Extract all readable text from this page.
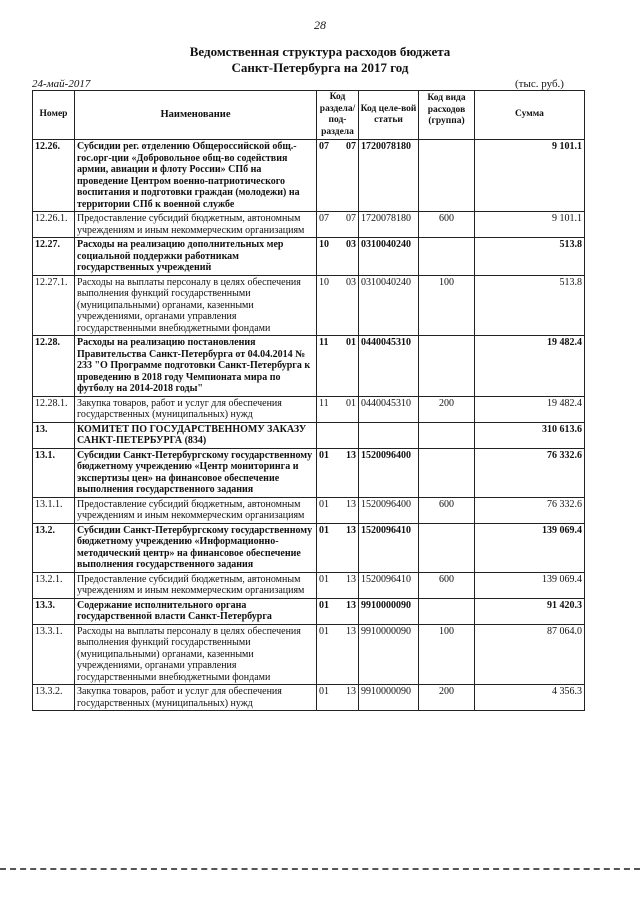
28
Ведомственная структура расходов бюджета
Санкт-Петербурга на 2017 год
24-май-2017	(тыс. руб.)
Номер	Наименование	Код раздела/ под-раздела	Код целе-вой статьи	Код вида расходов (группа)	Сумма
12.26.	Субсидии рег. отделению Общероссийской общ.-гос.орг-ции «Добровольное общ-во содействия армии, авиации и флоту России» СПб на проведение Центром военно-патриотического воспитания и подготовки граждан (молодежи) на территории СПб к военной службе	07 07	1720078180		9 101.1
12.26.1.	Предоставление субсидий бюджетным, автономным учреждениям и иным некоммерческим организациям	07 07	1720078180	600	9 101.1
12.27.	Расходы на реализацию дополнительных мер социальной поддержки работникам государственных учреждений	10 03	0310040240		513.8
12.27.1.	Расходы на выплаты персоналу в целях обеспечения выполнения функций государственными (муниципальными) органами, казенными учреждениями, органами управления государственными внебюджетными фондами	10 03	0310040240	100	513.8
12.28.	Расходы на реализацию постановления Правительства Санкт-Петербурга от 04.04.2014 № 233 "О Программе подготовки Санкт-Петербурга к проведению в 2018 году Чемпионата мира по футболу на 2014-2018 годы"	11 01	0440045310		19 482.4
12.28.1.	Закупка товаров, работ и услуг для обеспечения государственных (муниципальных) нужд	11 01	0440045310	200	19 482.4
13.	КОМИТЕТ ПО ГОСУДАРСТВЕННОМУ ЗАКАЗУ САНКТ-ПЕТЕРБУРГА (834)				310 613.6
13.1.	Субсидии Санкт-Петербургскому государственному бюджетному учреждению «Центр мониторинга и экспертизы цен» на финансовое обеспечение выполнения государственного задания	01 13	1520096400		76 332.6
13.1.1.	Предоставление субсидий бюджетным, автономным учреждениям и иным некоммерческим организациям	01 13	1520096400	600	76 332.6
13.2.	Субсидии Санкт-Петербургскому государственному бюджетному учреждению «Информационно-методический центр» на финансовое обеспечение выполнения государственного задания	01 13	1520096410		139 069.4
13.2.1.	Предоставление субсидий бюджетным, автономным учреждениям и иным некоммерческим организациям	01 13	1520096410	600	139 069.4
13.3.	Содержание исполнительного органа государственной власти Санкт-Петербурга	01 13	9910000090		91 420.3
13.3.1.	Расходы на выплаты персоналу в целях обеспечения выполнения функций государственными (муниципальными) органами, казенными учреждениями, органами управления государственными внебюджетными фондами	01 13	9910000090	100	87 064.0
13.3.2.	Закупка товаров, работ и услуг для обеспечения государственных (муниципальных) нужд	01 13	9910000090	200	4 356.3
